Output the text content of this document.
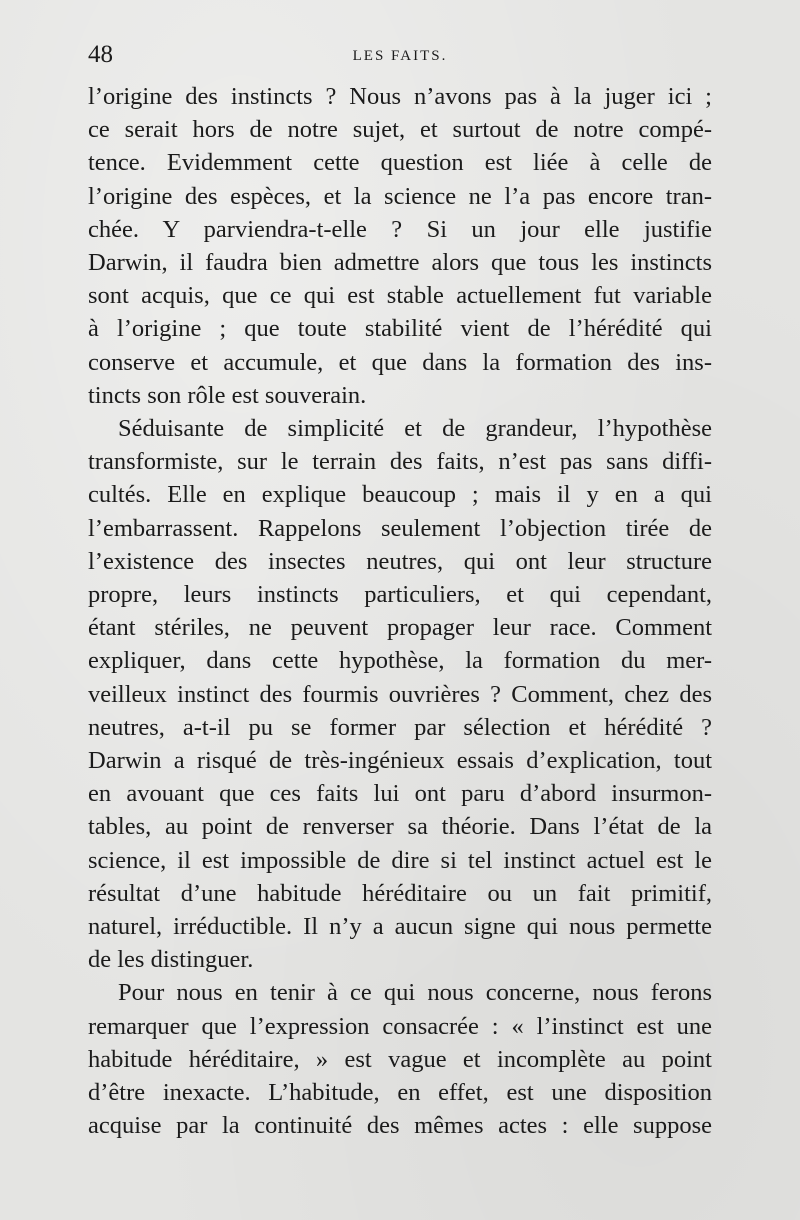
48	LES FAITS.

l’origine des instincts ? Nous n’avons pas à la juger ici ;
ce serait hors de notre sujet, et surtout de notre compé-
tence. Evidemment cette question est liée à celle de
l’origine des espèces, et la science ne l’a pas encore tran-
chée. Y parviendra-t-elle ? Si un jour elle justifie
Darwin, il faudra bien admettre alors que tous les instincts
sont acquis, que ce qui est stable actuellement fut variable
à l’origine ; que toute stabilité vient de l’hérédité qui
conserve et accumule, et que dans la formation des ins-
tincts son rôle est souverain.

Séduisante de simplicité et de grandeur, l’hypothèse
transformiste, sur le terrain des faits, n’est pas sans diffi-
cultés. Elle en explique beaucoup ; mais il y en a qui
l’embarrassent. Rappelons seulement l’objection tirée de
l’existence des insectes neutres, qui ont leur structure
propre, leurs instincts particuliers, et qui cependant,
étant stériles, ne peuvent propager leur race. Comment
expliquer, dans cette hypothèse, la formation du mer-
veilleux instinct des fourmis ouvrières ? Comment, chez des
neutres, a-t-il pu se former par sélection et hérédité ?
Darwin a risqué de très-ingénieux essais d’explication, tout
en avouant que ces faits lui ont paru d’abord insurmon-
tables, au point de renverser sa théorie. Dans l’état de la
science, il est impossible de dire si tel instinct actuel est le
résultat d’une habitude héréditaire ou un fait primitif,
naturel, irréductible. Il n’y a aucun signe qui nous permette
de les distinguer.

Pour nous en tenir à ce qui nous concerne, nous ferons
remarquer que l’expression consacrée : « l’instinct est une
habitude héréditaire, » est vague et incomplète au point
d’être inexacte. L’habitude, en effet, est une disposition
acquise par la continuité des mêmes actes : elle suppose
